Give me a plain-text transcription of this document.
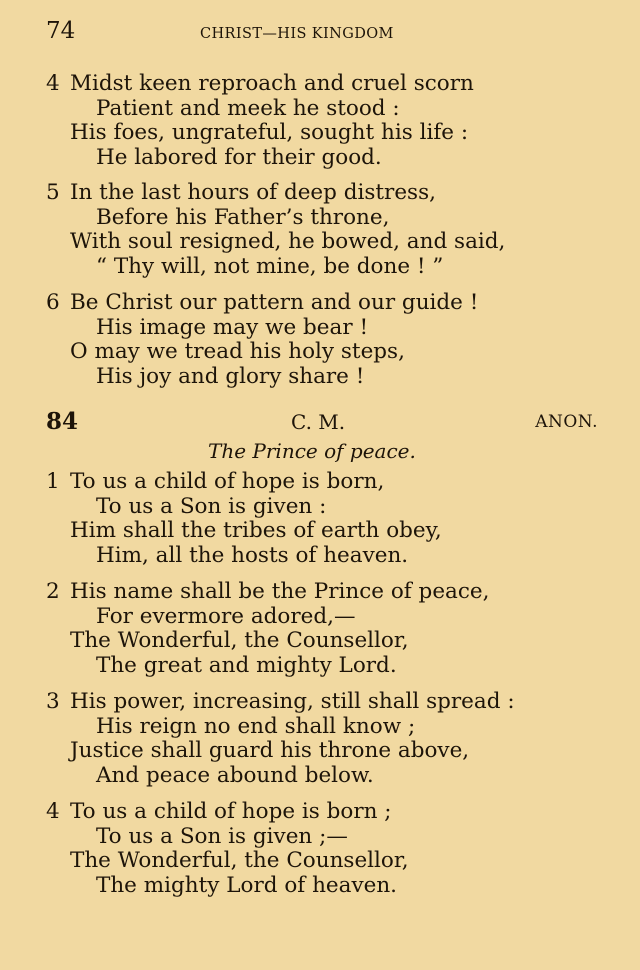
74	CHRIST—HIS KINGDOM
4 Midst keen reproach and cruel scorn
Patient and meek he stood :
His foes, ungrateful, sought his life :
He labored for their good.
5 In the last hours of deep distress,
Before his Father’s throne,
With soul resigned, he bowed, and said,
“ Thy will, not mine, be done ! ”
6 Be Christ our pattern and our guide !
His image may we bear !
O may we tread his holy steps,
His joy and glory share !
84	C. M.	ANON.
The Prince of peace.
1 To us a child of hope is born,
To us a Son is given :
Him shall the tribes of earth obey,
Him, all the hosts of heaven.
2 His name shall be the Prince of peace,
For evermore adored,—
The Wonderful, the Counsellor,
The great and mighty Lord.
3 His power, increasing, still shall spread :
His reign no end shall know ;
Justice shall guard his throne above,
And peace abound below.
4 To us a child of hope is born ;
To us a Son is given ;—
The Wonderful, the Counsellor,
The mighty Lord of heaven.
